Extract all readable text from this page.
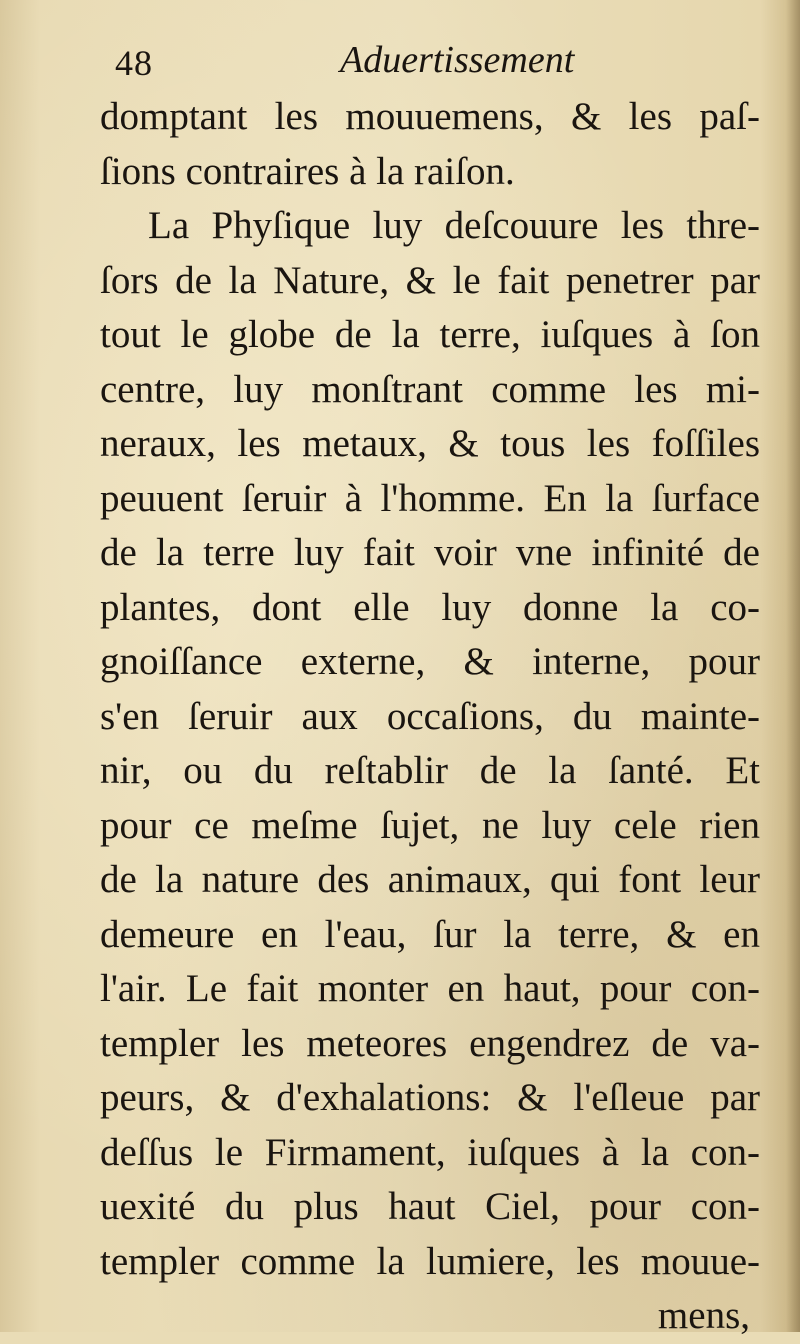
48	Aduertissement
domptant les mouuemens, & les paſ-
ſions contraires à la raiſon.
La Phyſique luy deſcouure les thre-
ſors de la Nature, & le fait penetrer par
tout le globe de la terre, iuſques à ſon
centre, luy monſtrant comme les mi-
neraux, les metaux, & tous les foſſiles
peuuent ſeruir à l'homme. En la ſurface
de la terre luy fait voir vne infinité de
plantes, dont elle luy donne la co-
gnoiſſance externe, & interne, pour
s'en ſeruir aux occaſions, du mainte-
nir, ou du reſtablir de la ſanté. Et
pour ce meſme ſujet, ne luy cele rien
de la nature des animaux, qui font leur
demeure en l'eau, ſur la terre, & en
l'air. Le fait monter en haut, pour con-
templer les meteores engendrez de va-
peurs, & d'exhalations: & l'eſleue par
deſſus le Firmament, iuſques à la con-
uexité du plus haut Ciel, pour con-
templer comme la lumiere, les mouue-
mens,
